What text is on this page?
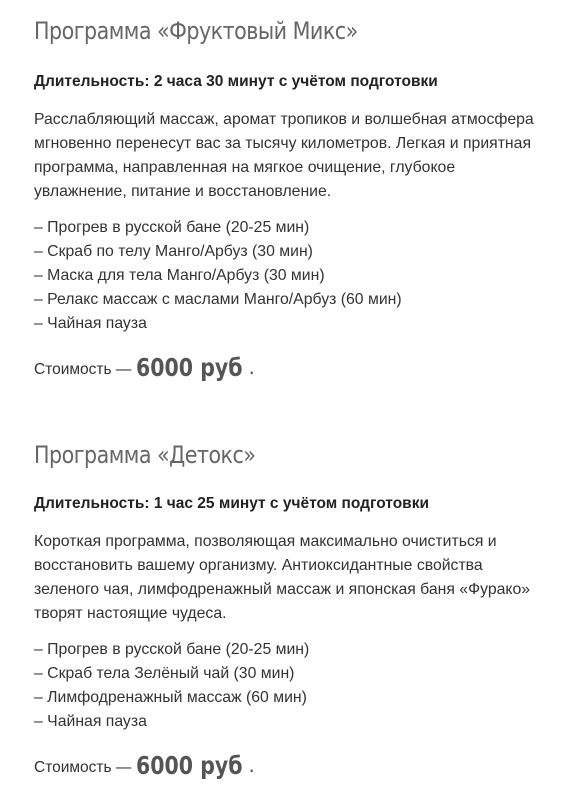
Программа «Фруктовый Микс»

Длительность: 2 часа 30 минут с учётом подготовки

Расслабляющий массаж, аромат тропиков и волшебная атмосфера мгновенно перенесут вас за тысячу километров. Легкая и приятная программа, направленная на мягкое очищение, глубокое увлажнение, питание и восстановление.

– Прогрев в русской бане (20-25 мин)
– Скраб по телу Манго/Арбуз (30 мин)
– Маска для тела Манго/Арбуз (30 мин)
– Релакс массаж с маслами Манго/Арбуз (60 мин)
– Чайная пауза
Стоимость — 6000 руб .
Программа «Детокс»

Длительность: 1 час 25 минут с учётом подготовки

Короткая программа, позволяющая максимально очиститься и восстановить вашему организму. Антиоксидантные свойства зеленого чая, лимфодренажный массаж и японская баня «Фурако» творят настоящие чудеса.

– Прогрев в русской бане (20-25 мин)
– Скраб тела Зелёный чай (30 мин)
– Лимфодренажный массаж (60 мин)
– Чайная пауза
Стоимость — 6000 руб .
